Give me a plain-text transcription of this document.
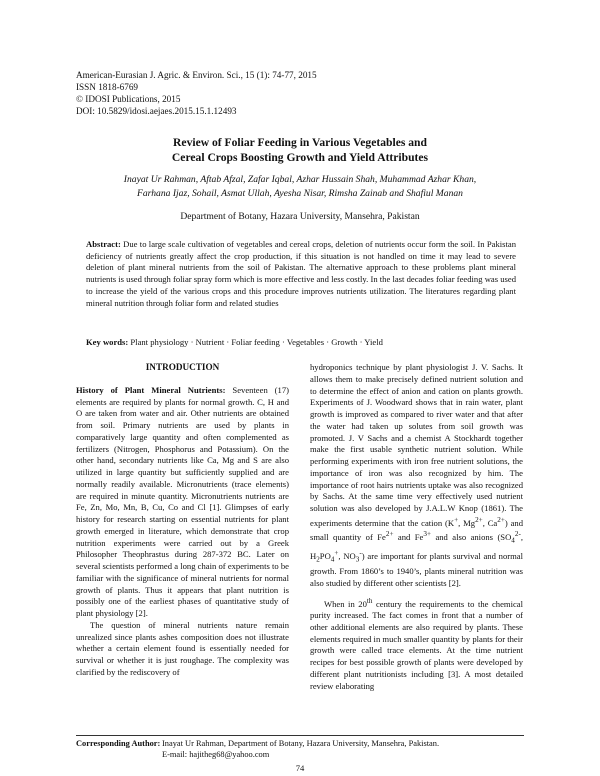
American-Eurasian J. Agric. & Environ. Sci., 15 (1): 74-77, 2015
ISSN 1818-6769
© IDOSI Publications, 2015
DOI: 10.5829/idosi.aejaes.2015.15.1.12493
Review of Foliar Feeding in Various Vegetables and
Cereal Crops Boosting Growth and Yield Attributes
Inayat Ur Rahman, Aftab Afzal, Zafar Iqbal, Azhar Hussain Shah, Muhammad Azhar Khan,
Farhana Ijaz, Sohail, Asmat Ullah, Ayesha Nisar, Rimsha Zainab and Shafiul Manan
Department of Botany, Hazara University, Mansehra, Pakistan
Abstract: Due to large scale cultivation of vegetables and cereal crops, deletion of nutrients occur form the soil. In Pakistan deficiency of nutrients greatly affect the crop production, if this situation is not handled on time it may lead to severe deletion of plant mineral nutrients from the soil of Pakistan. The alternative approach to these problems plant mineral nutrients is used through foliar spray form which is more effective and less costly. In the last decades foliar feeding was used to increase the yield of the various crops and this procedure improves nutrients utilization. The literatures regarding plant mineral nutrition through foliar form and related studies
Key words: Plant physiology · Nutrient · Foliar feeding · Vegetables · Growth · Yield

INTRODUCTION

History of Plant Mineral Nutrients: Seventeen (17) elements are required by plants for normal growth. C, H and O are taken from water and air. Other nutrients are obtained from soil. Primary nutrients are used by plants in comparatively large quantity and often complemented as fertilizers (Nitrogen, Phosphorus and Potassium). On the other hand, secondary nutrients like Ca, Mg and S are also utilized in large quantity but sufficiently supplied and are normally readily available. Micronutrients (trace elements) are required in minute quantity. Micronutrients nutrients are Fe, Zn, Mo, Mn, B, Cu, Co and Cl [1]. Glimpses of early history for research starting on essential nutrients for plant growth emerged in literature, which demonstrate that crop nutrition experiments were carried out by a Greek Philosopher Theophrastus during 287-372 BC. Later on several scientists performed a long chain of experiments to be familiar with the significance of mineral nutrients for normal growth of plants. Thus it appears that plant nutrition is possibly one of the earliest phases of quantitative study of plant physiology [2].

The question of mineral nutrients nature remain unrealized since plants ashes composition does not illustrate whether a certain element found is essentially needed for survival or whether it is just roughage. The complexity was clarified by the rediscovery of

hydroponics technique by plant physiologist J. V. Sachs. It allows them to make precisely defined nutrient solution and to determine the effect of anion and cation on plants growth. Experiments of J. Woodward shows that in rain water, plant growth is improved as compared to river water and that after the water had taken up solutes from soil growth was promoted. J. V Sachs and a chemist A Stockhardt together make the first usable synthetic nutrient solution. While performing experiments with iron free nutrient solutions, the importance of iron was also recognized by him. The importance of root hairs nutrients uptake was also recognized by Sachs. At the same time very effectively used nutrient solution was also developed by J.A.L.W Knop (1861). The experiments determine that the cation (K+, $Mg^{2+}$, $Ca^{2+}$) and small quantity of $Fe^{2+}$ and $Fe^{3+}$ and also anions ($SO_4^{2-}$, $H_2PO_4^+$, $NO_3^-$) are important for plants survival and normal growth. From 1860’s to 1940’s, plants mineral nutrition was also studied by different other scientists [2].

When in 20th century the requirements to the chemical purity increased. The fact comes in front that a number of other additional elements are also required by plants. These elements required in much smaller quantity by plants for their growth were called trace elements. At the time nutrient recipes for best possible growth of plants were developed by different plant nutritionists including [3]. A most detailed review elaborating

Corresponding Author: Inayat Ur Rahman, Department of Botany, Hazara University, Mansehra, Pakistan.
E-mail: hajitheg68@yahoo.com
74
